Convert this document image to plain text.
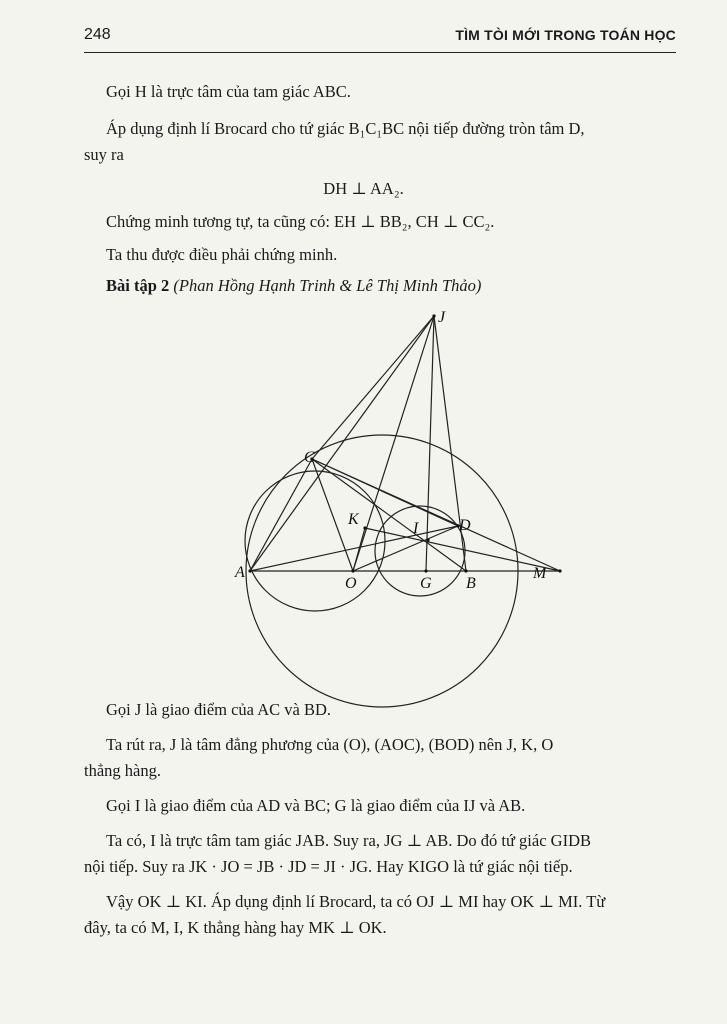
248	TÌM TÒI MỚI TRONG TOÁN HỌC
Gọi H là trực tâm của tam giác ABC.
Áp dụng định lí Brocard cho tứ giác B₁C₁BC nội tiếp đường tròn tâm D,
suy ra
DH ⊥ AA₂.
Chứng minh tương tự, ta cũng có: EH ⊥ BB₂, CH ⊥ CC₂.
Ta thu được điều phải chứng minh.
Bài tập 2 (Phan Hồng Hạnh Trinh & Lê Thị Minh Thảo)
J
C
K
I	D
A
O	G B
M
Gọi J là giao điểm của AC và BD.
Ta rút ra, J là tâm đẳng phương của (O), (AOC), (BOD) nên J, K, O
thẳng hàng.
Gọi I là giao điểm của AD và BC; G là giao điểm của IJ và AB.
Ta có, I là trực tâm tam giác JAB. Suy ra, JG ⊥ AB. Do đó tứ giác GIDB
nội tiếp. Suy ra JK · JO = JB · JD = JI · JG. Hay KIGO là tứ giác nội tiếp.
Vậy OK ⊥ KI. Áp dụng định lí Brocard, ta có OJ ⊥ MI hay OK ⊥ MI. Từ
đây, ta có M, I, K thẳng hàng hay MK ⊥ OK.
